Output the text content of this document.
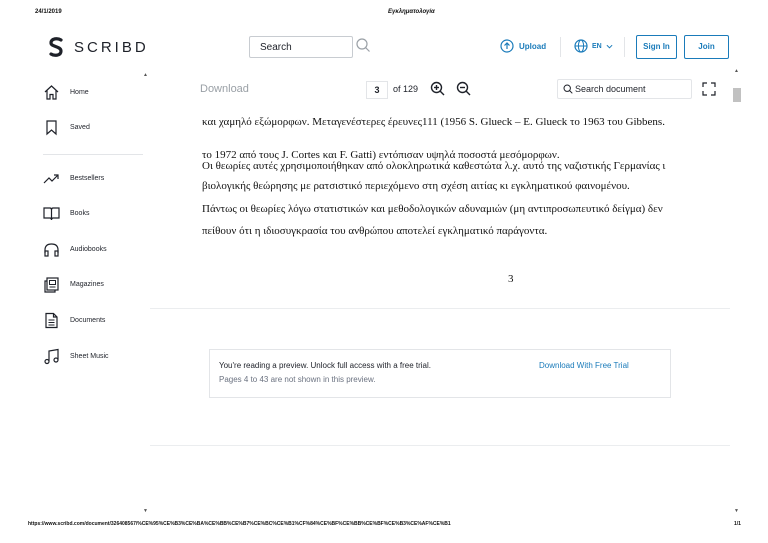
24/1/2019	Εγκληματολογία
SCRIBD	Search	Upload	EN	Sign In	Join
Home
Saved
Bestsellers
Books
Audiobooks
Magazines
Documents
Sheet Music
▲
▼
Download	3	of 129	Search document
και χαμηλό εξώμορφων. Μεταγενέστερες έρευνες111 (1956 S. Glueck – E. Glueck το 1963 του Gibbens.
το 1972 από τους J. Cortes και F. Gatti) εντόπισαν υψηλά ποσοστά μεσόμορφων.
Οι θεωρίες αυτές χρησιμοποιήθηκαν από ολοκληρωτικά καθεστώτα λ.χ. αυτό της ναζιστικής Γερμανίας ι
βιολογικής θεώρησης με ρατσιστικό περιεχόμενο στη σχέση αιτίας κι εγκληματικού φαινομένου.
Πάντως οι θεωρίες λόγω στατιστικών και μεθοδολογικών αδυναμιών (μη αντιπροσωπευτικό δείγμα) δεν
πείθουν ότι η ιδιοσυγκρασία του ανθρώπου αποτελεί εγκληματικό παράγοντα.
3
You're reading a preview. Unlock full access with a free trial.
Pages 4 to 43 are not shown in this preview.
Download With Free Trial
▲
▼
https://www.scribd.com/document/326408567/%CE%95%CE%B3%CE%BA%CE%BB%CE%B7%CE%BC%CE%B1%CF%84%CE%BF%CE%BB%CE%BF%CE%B3%CE%AF%CE%B1	1/1
